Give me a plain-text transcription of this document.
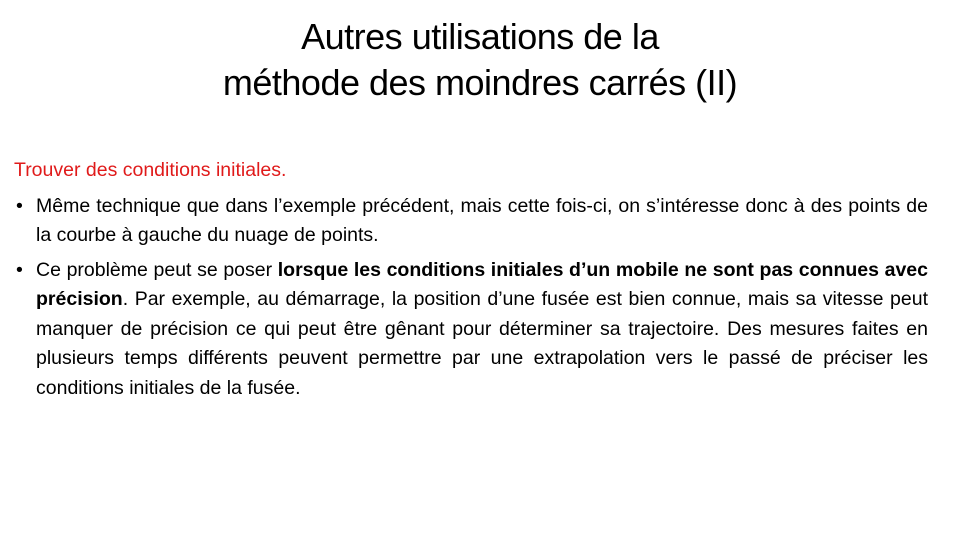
Autres utilisations de la
méthode des moindres carrés (II)

Trouver des conditions initiales.

• Même technique que dans l’exemple précédent, mais cette fois-ci, on s’intéresse donc à des points de la courbe à gauche du nuage de points.
• Ce problème peut se poser lorsque les conditions initiales d’un mobile ne sont pas connues avec précision. Par exemple, au démarrage, la position d’une fusée est bien connue, mais sa vitesse peut manquer de précision ce qui peut être gênant pour déterminer sa trajectoire. Des mesures faites en plusieurs temps différents peuvent permettre par une extrapolation vers le passé de préciser les conditions initiales de la fusée.
